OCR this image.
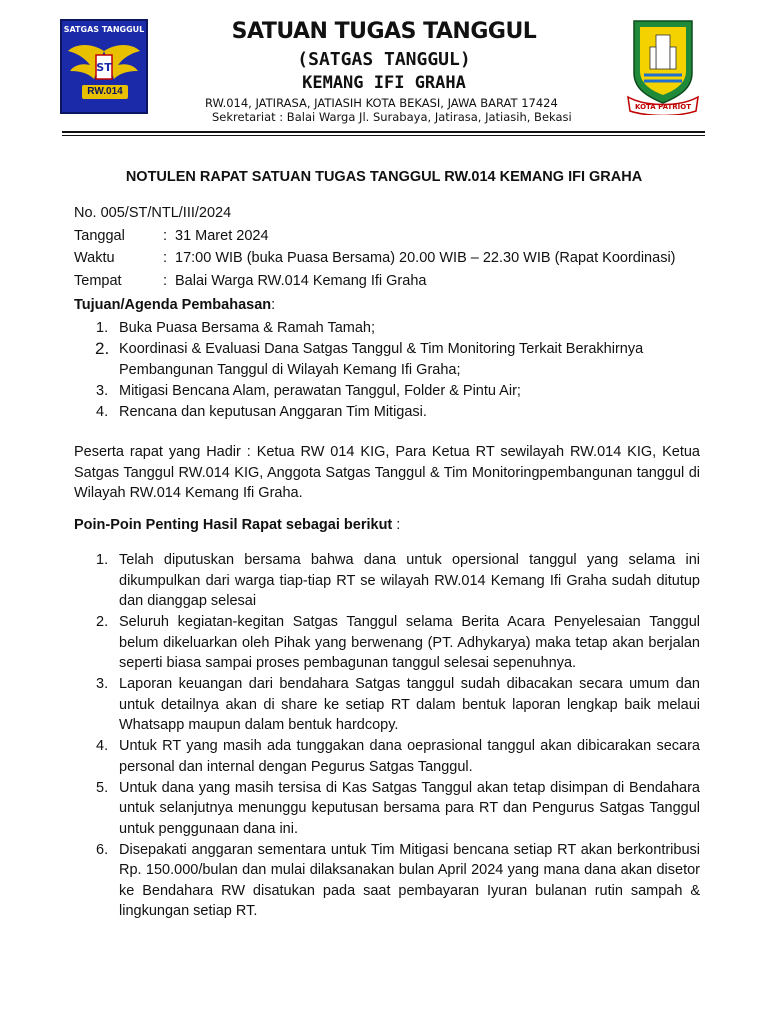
SATGAS TANGGUL
ST
RW.014
KOTA PATRIOT
SATUAN TUGAS TANGGUL
(SATGAS TANGGUL)
KEMANG IFI GRAHA
RW.014, JATIRASA, JATIASIH KOTA BEKASI, JAWA BARAT 17424
Sekretariat : Balai Warga Jl. Surabaya, Jatirasa, Jatiasih, Bekasi
NOTULEN RAPAT SATUAN TUGAS TANGGUL RW.014 KEMANG IFI GRAHA
No. 005/ST/NTL/III/2024
Tanggal	: 31 Maret 2024
Waktu	: 17:00 WIB (buka Puasa Bersama) 20.00 WIB – 22.30 WIB (Rapat Koordinasi)
Tempat	: Balai Warga RW.014 Kemang Ifi Graha
Tujuan/Agenda Pembahasan:
1. Buka Puasa Bersama & Ramah Tamah;
2. Koordinasi & Evaluasi Dana Satgas Tanggul & Tim Monitoring Terkait Berakhirnya Pembangunan Tanggul di Wilayah Kemang Ifi Graha;
3. Mitigasi Bencana Alam, perawatan Tanggul, Folder & Pintu Air;
4. Rencana dan keputusan Anggaran Tim Mitigasi.
Peserta rapat yang Hadir : Ketua RW 014 KIG, Para Ketua RT sewilayah RW.014 KIG, Ketua Satgas Tanggul RW.014 KIG, Anggota Satgas Tanggul & Tim Monitoringpembangunan tanggul di Wilayah RW.014 Kemang Ifi Graha.
Poin-Poin Penting Hasil Rapat sebagai berikut :
1. Telah diputuskan bersama bahwa dana untuk opersional tanggul yang selama ini dikumpulkan dari warga tiap-tiap RT se wilayah RW.014 Kemang Ifi Graha sudah ditutup dan dianggap selesai
2. Seluruh kegiatan-kegitan Satgas Tanggul selama Berita Acara Penyelesaian Tanggul belum dikeluarkan oleh Pihak yang berwenang (PT. Adhykarya) maka tetap akan berjalan seperti biasa sampai proses pembagunan tanggul selesai sepenuhnya.
3. Laporan keuangan dari bendahara Satgas tanggul sudah dibacakan secara umum dan untuk detailnya akan di share ke setiap RT dalam bentuk laporan lengkap baik melaui Whatsapp maupun dalam bentuk hardcopy.
4. Untuk RT yang masih ada tunggakan dana oeprasional tanggul akan dibicarakan secara personal dan internal dengan Pegurus Satgas Tanggul.
5. Untuk dana yang masih tersisa di Kas Satgas Tanggul akan tetap disimpan di Bendahara untuk selanjutnya menunggu keputusan bersama para RT dan Pengurus Satgas Tanggul untuk penggunaan dana ini.
6. Disepakati anggaran sementara untuk Tim Mitigasi bencana setiap RT akan berkontribusi Rp. 150.000/bulan dan mulai dilaksanakan bulan April 2024 yang mana dana akan disetor ke Bendahara RW disatukan pada saat pembayaran Iyuran bulanan rutin sampah & lingkungan setiap RT.
